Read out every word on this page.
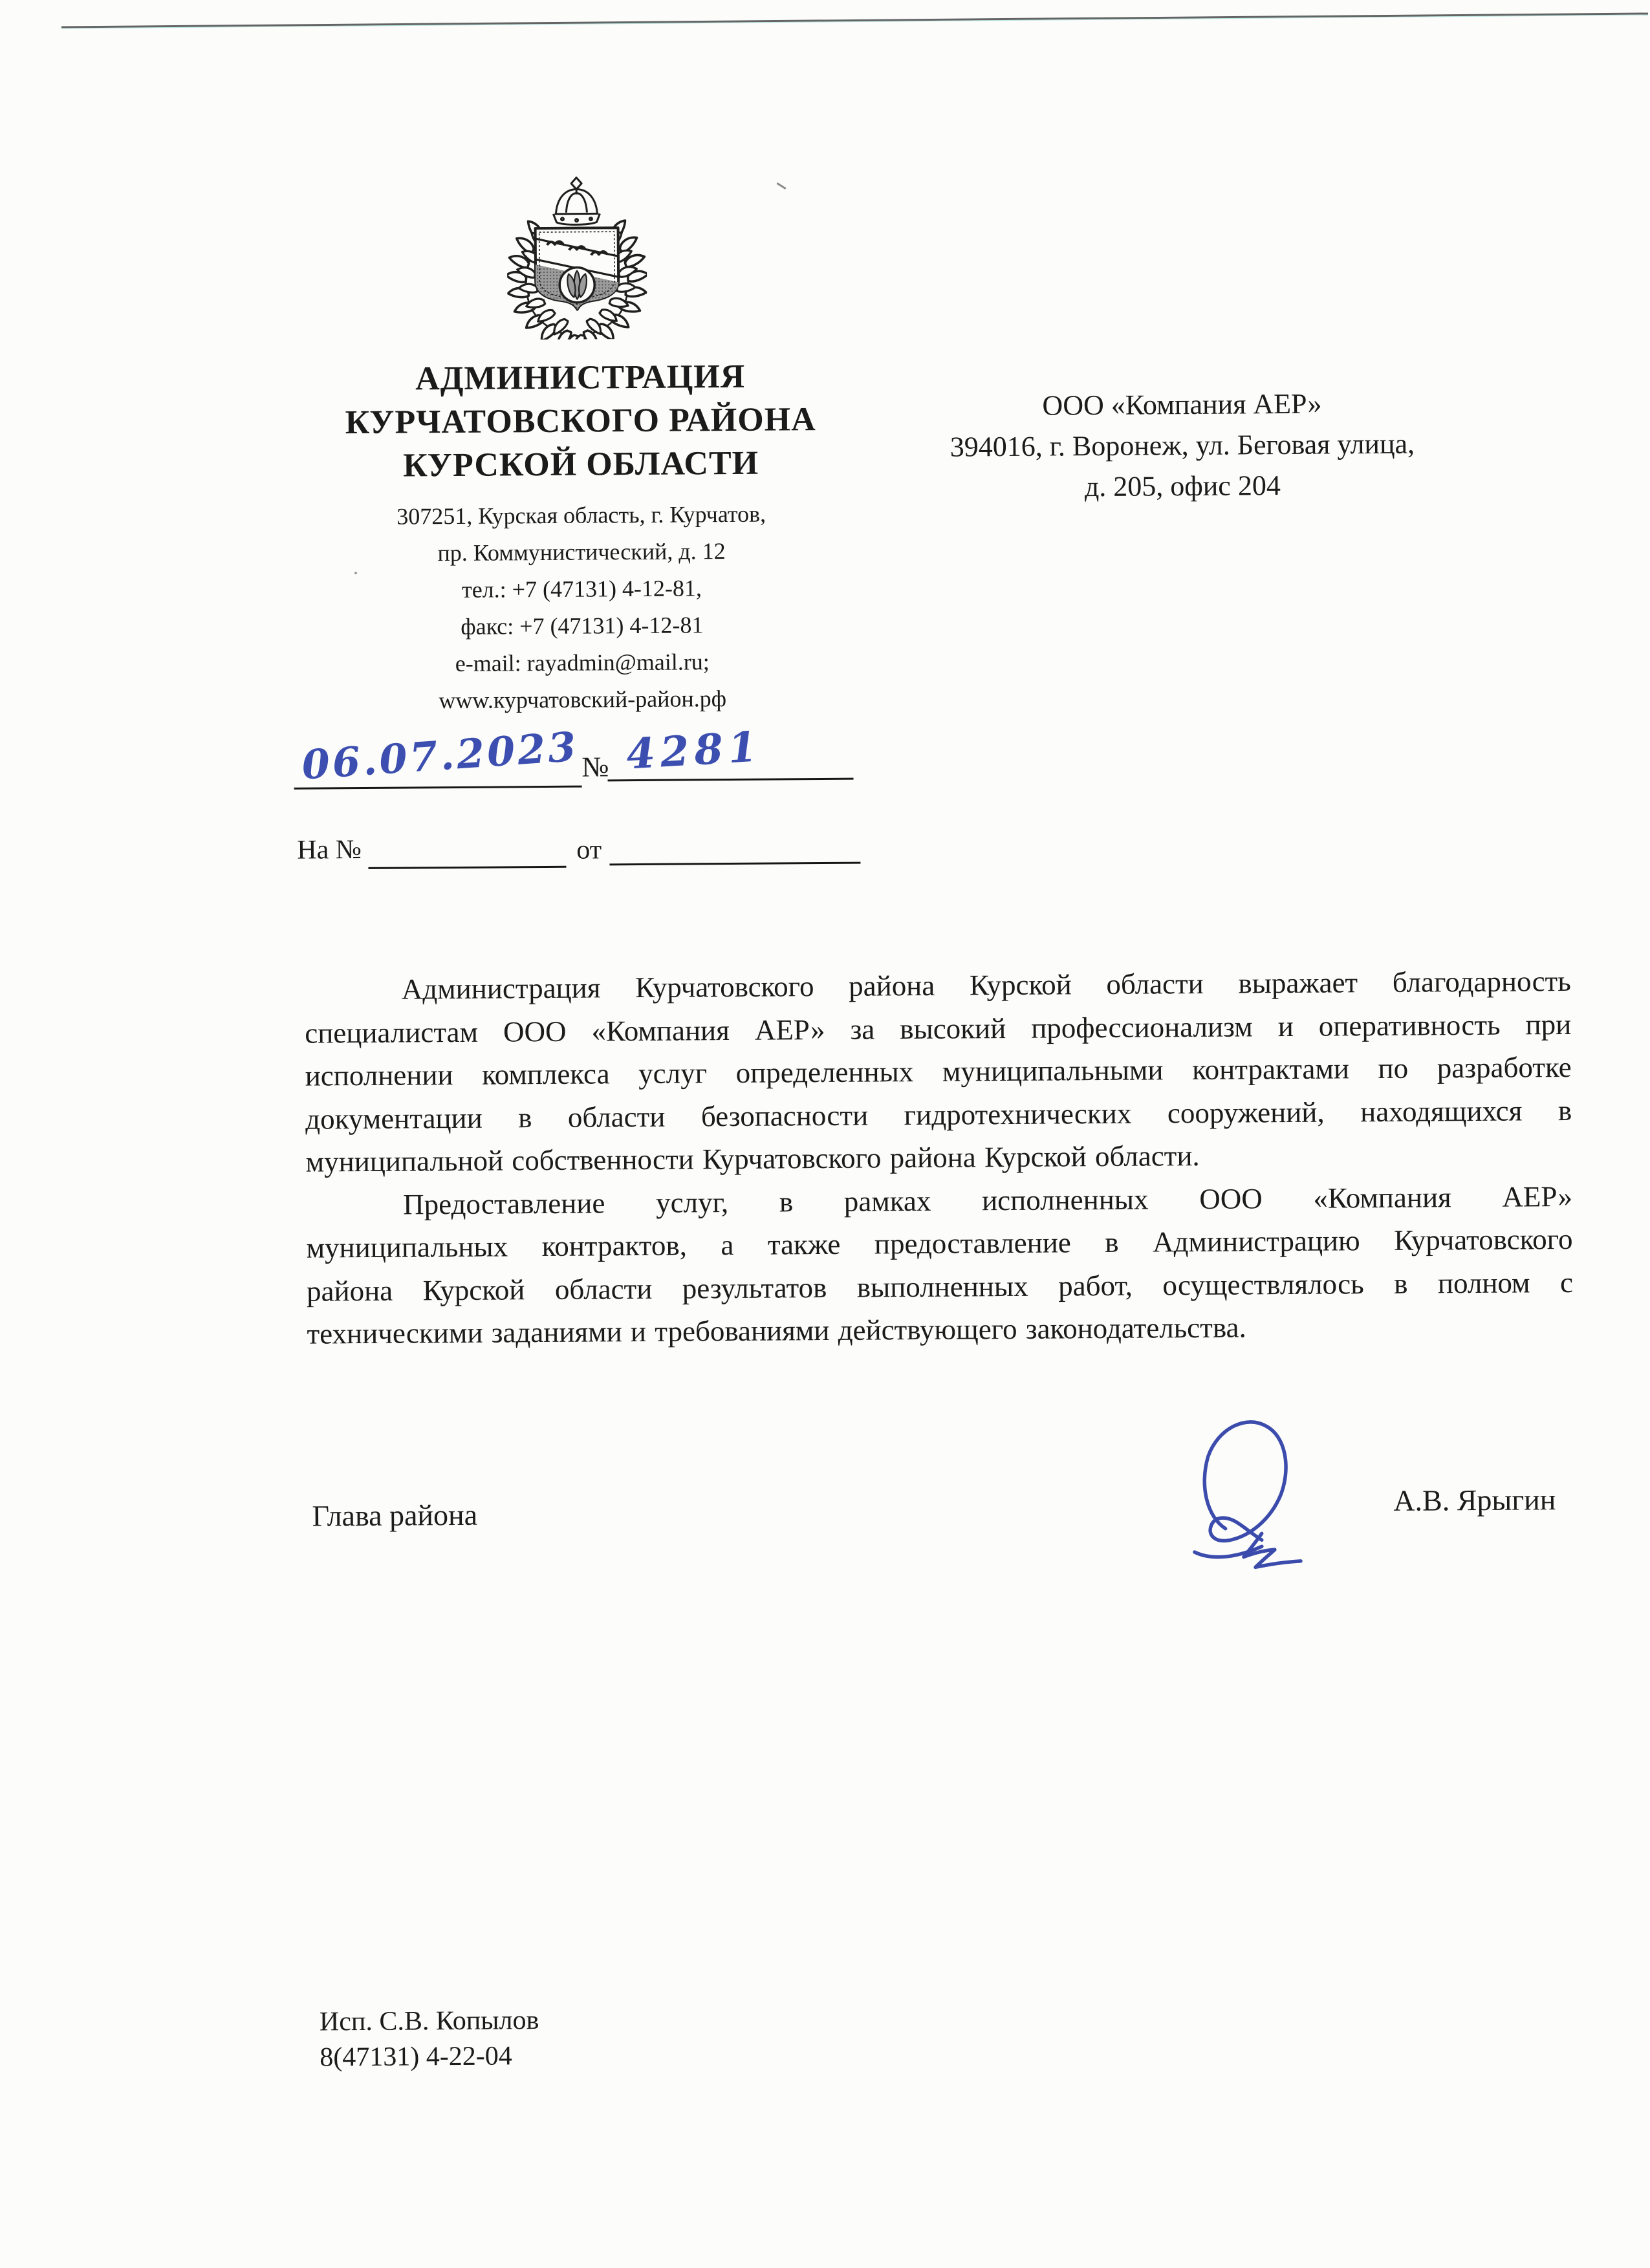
АДМИНИСТРАЦИЯ
КУРЧАТОВСКОГО РАЙОНА
КУРСКОЙ ОБЛАСТИ
307251, Курская область, г. Курчатов,
пр. Коммунистический, д. 12
тел.: +7 (47131) 4-12-81,
факс: +7 (47131) 4-12-81
e-mail: rayadmin@mail.ru;
www.курчатовский-район.рф
ООО «Компания АЕР»
394016, г. Воронеж, ул. Беговая улица,
д. 205, офис 204
06.07.2023 № 4281
На №	от
Администрация Курчатовского района Курской области выражает благодарность
специалистам ООО «Компания АЕР» за высокий профессионализм и оперативность при
исполнении комплекса услуг определенных муниципальными контрактами по разработке
документации в области безопасности гидротехнических сооружений, находящихся в
муниципальной собственности Курчатовского района Курской области.
Предоставление услуг, в рамках исполненных ООО «Компания АЕР»
муниципальных контрактов, а также предоставление в Администрацию Курчатовского
района Курской области результатов выполненных работ, осуществлялось в полном с
техническими заданиями и требованиями действующего законодательства.
Глава района	А.В. Ярыгин
Исп. С.В. Копылов
8(47131) 4-22-04
